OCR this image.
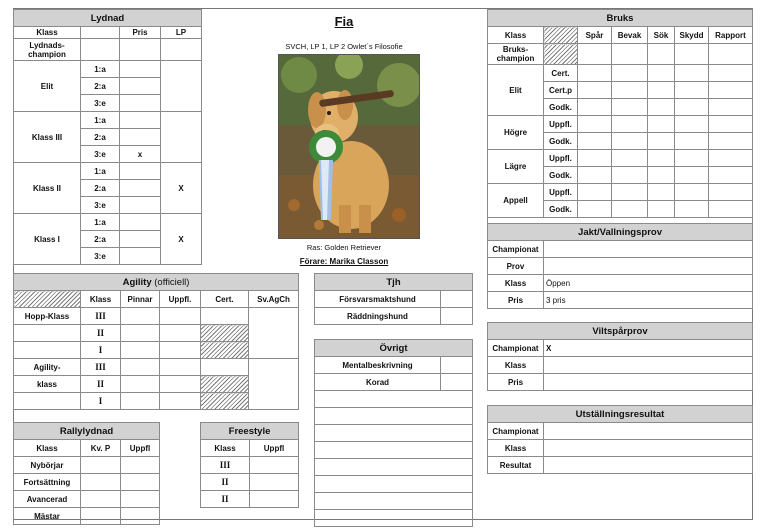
Lydnad			
Klass		Pris	LP
Lydnads-champion			
Elit	1:a		
	2:a		
	3:e		
Klass III	1:a		
	2:a		
	3:e	x	
Klass II	1:a		X
	2:a		
	3:e		
Klass I	1:a		X
	2:a		
	3:e		
Fia
SVCH, LP 1, LP 2 Owlet´s Filosofie
Ras: Golden Retriever
Förare: Marika Classon
Bruks						
Klass		Spår	Bevak	Sök	Skydd	Rapport
Bruks-champion						
Elit	Cert.					
	Cert.p					
	Godk.					
Högre	Uppfl.					
	Godk.					
Lägre	Uppfl.					
	Godk.					
Appell	Uppfl.					
	Godk.					

Jakt/Vallningsprov	
Championat	
Prov	
Klass	Öppen
Pris	3 pris
Viltspårprov	
Championat	X
Klass	
Pris	
Utställningsresultat	
Championat	
Klass	
Resultat	
Agility (officiell)					
	Klass	Pinnar	Uppfl.	Cert.	Sv.AgCh
Hopp-Klass	III				
	II				
	I				
Agility-	III				
klass	II				
	I				
Tjh	
Försvarsmaktshund	
Räddningshund	
Övrigt	
Mentalbeskrivning	
Korad	

Rallylydnad		
Klass	Kv. P	Uppfl
Nybörjar		
Fortsättning		
Avancerad		
Mästar		
Freestyle	
Klass	Uppfl
III	
II	
II	
